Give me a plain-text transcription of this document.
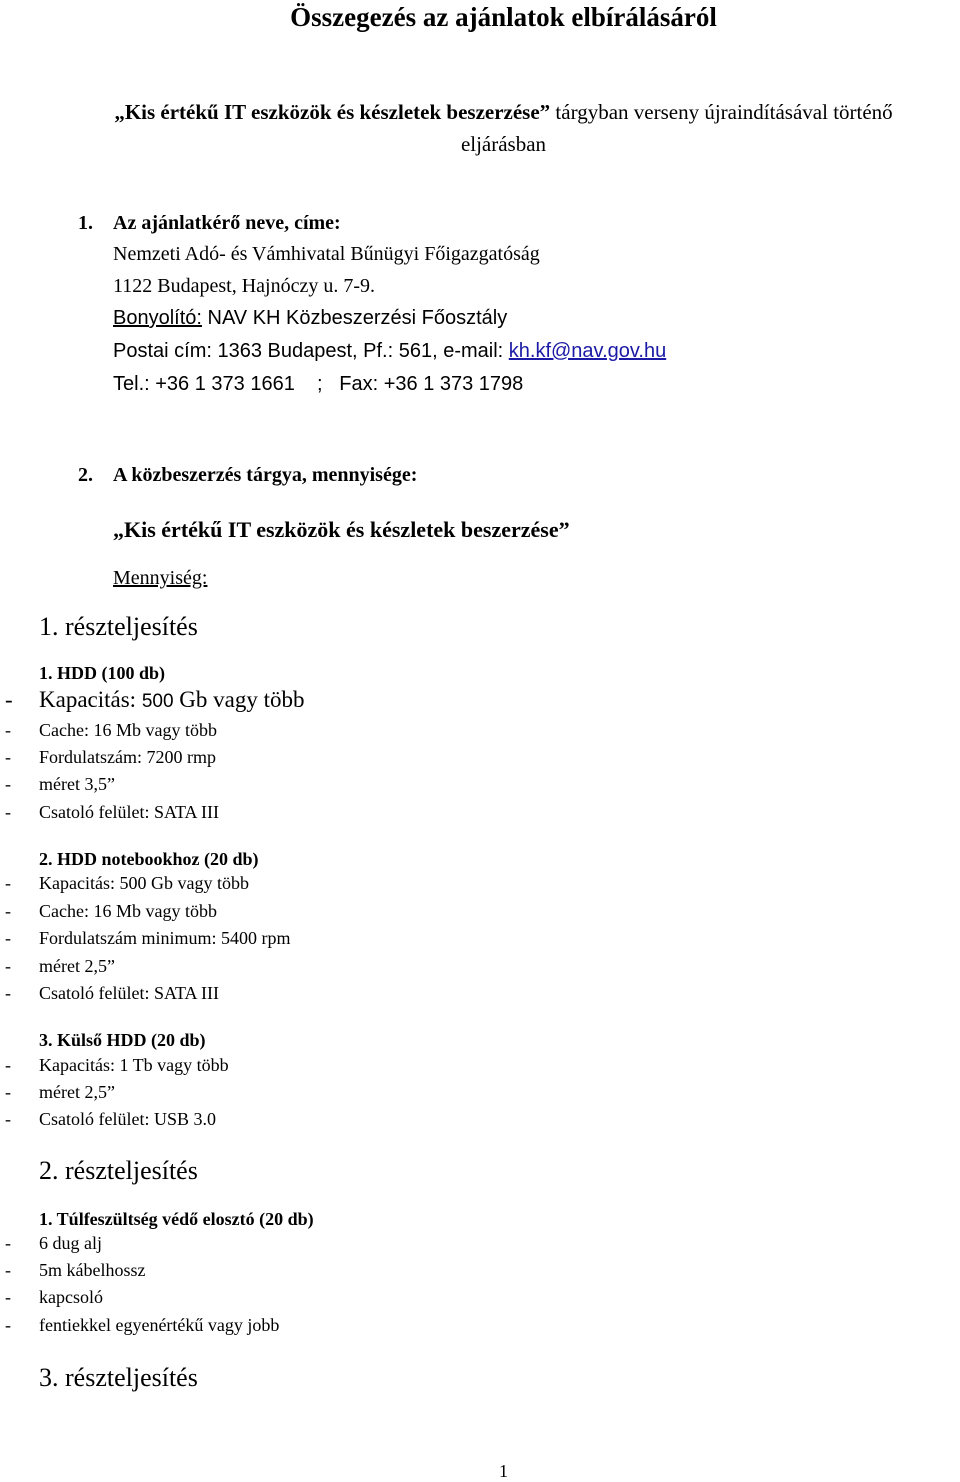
Összegezés az ajánlatok elbírálásáról
„Kis értékű IT eszközök és készletek beszerzése” tárgyban verseny újraindításával történő
eljárásban
1. Az ajánlatkérő neve, címe:
Nemzeti Adó- és Vámhivatal Bűnügyi Főigazgatóság
1122 Budapest, Hajnóczy u. 7-9.
Bonyolító: NAV KH Közbeszerzési Főosztály
Postai cím: 1363 Budapest, Pf.: 561, e-mail: kh.kf@nav.gov.hu
Tel.: +36 1 373 1661    ;   Fax: +36 1 373 1798
2. A közbeszerzés tárgya, mennyisége:
„Kis értékű IT eszközök és készletek beszerzése”
Mennyiség:
1. részteljesítés
1. HDD (100 db)
- Kapacitás: 500 Gb vagy több
- Cache: 16 Mb vagy több
- Fordulatszám: 7200 rmp
- méret 3,5”
- Csatoló felület: SATA III
2. HDD notebookhoz (20 db)
- Kapacitás: 500 Gb vagy több
- Cache: 16 Mb vagy több
- Fordulatszám minimum: 5400 rpm
- méret 2,5”
- Csatoló felület: SATA III
3. Külső HDD (20 db)
- Kapacitás: 1 Tb vagy több
- méret 2,5”
- Csatoló felület: USB 3.0
2. részteljesítés
1. Túlfeszültség védő elosztó (20 db)
- 6 dug alj
- 5m kábelhossz
- kapcsoló
- fentiekkel egyenértékű vagy jobb
3. részteljesítés
1
